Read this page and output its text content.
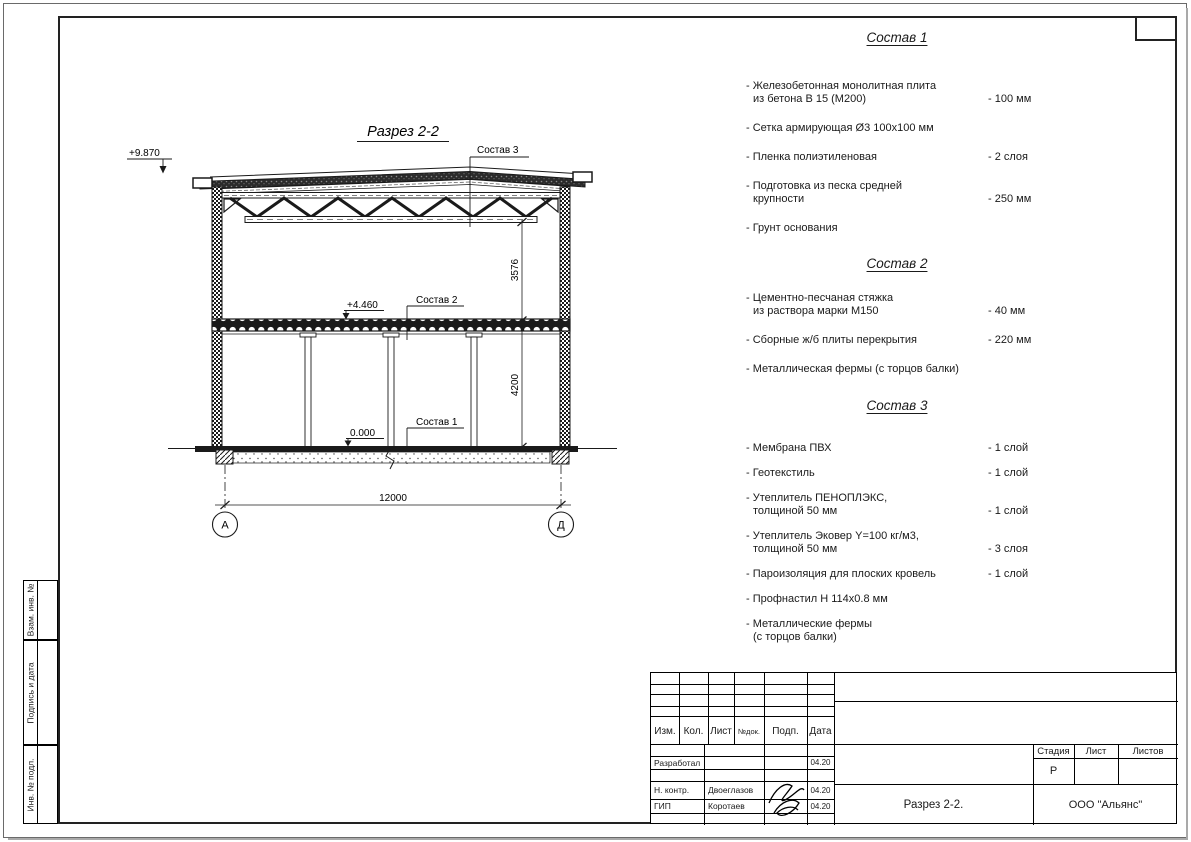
Взам. инв. №
Подпись и дата
Инв. № подл.
Разрез 2-2
+9.870	Состав 3
+4.460	Состав 2
0.000
Состав 1
3576
4200
12000
А	Д
Состав 1
- Железобетонная монолитная плита
из бетона В 15 (М200)	- 100 мм
- Сетка армирующая Ø3 100х100 мм
- Пленка полиэтиленовая	- 2 слоя
- Подготовка из песка средней
крупности	- 250 мм
- Грунт основания
Состав 2
- Цементно-песчаная стяжка
из раствора марки М150	- 40 мм
- Сборные ж/б плиты перекрытия	- 220 мм
- Металлическая фермы (с торцов балки)
Состав 3
- Мембрана ПВХ	- 1 слой
- Геотекстиль	- 1 слой
- Утеплитель ПЕНОПЛЭКС,
толщиной 50 мм	- 1 слой
- Утеплитель Эковер Y=100 кг/м3,
толщиной 50 мм	- 3 слоя
- Пароизоляция для плоских кровель	- 1 слой
- Профнастил Н 114х0.8 мм
- Металлические фермы
(с торцов балки)
Изм. Кол. Лист №док.	Подп.	Дата
Разработал	04.20
Н. контр. Двоеглазов	04.20
ГИП	Коротаев	04.20
Стадия	Лист	Листов
Р
Разрез 2-2.	ООО "Альянс"
